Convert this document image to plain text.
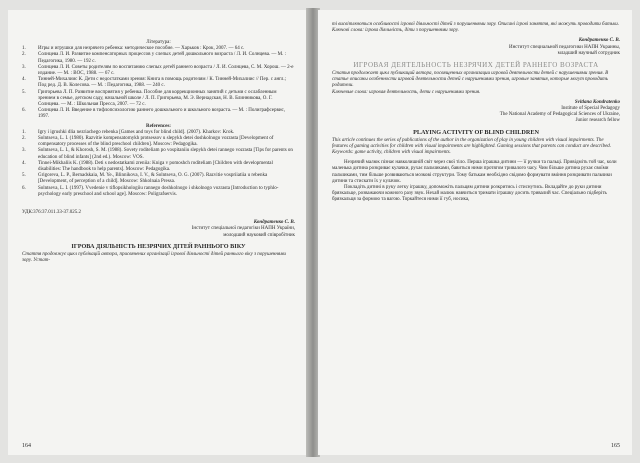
Література:

1.	Игры и игрушки для незрячего ребенка: методическое пособие. — Харьков : Крок, 2007. — 64 с.
2.	Солнцева Л. И. Развитие компенсаторных процессов у слепых детей дошкольного возраста / Л. И. Солнцева. — М. : Педагогика, 1980. — 192 с.
3.	Солнцева Л. И. Советы родителям по воспитанию слепых детей раннего возраста / Л. И. Солнцева, С. М. Хорош. — 2-е издание. — М. : ВОС, 1988. — 67 с.
4.	Тинней-Михалиис К. Дети с недостатками зрения: Книга в помощь родителям / К. Тинней-Михалиис // Пер. с англ.; Под ред. Д. В. Колесова. — М. : Педагогика, 1988. — 240 с.
5.	Григорьева Л. П. Развитие восприятия у ребенка. Пособие для коррекционных занятий с детьми с ослабленным зрением в семье, детском саду, начальной школе / Л. П. Григорьева, М. Э. Вернадская, Н. В. Блинникова, О. Г. Солнцева. — М. : Школьная Пресса, 2007. — 72 с.
6.	Солнцева Л. И. Введение в тифлопсихологию раннего дошкольного и школьного возраста. — М. : Полиграфсервис, 1997.

References:

1.	Igry i igrushki dlia nezriachego rebenka [Games and toys for blind child]. (2007). Kharkov: Krok.
2.	Solntseva, L. I. (1980). Razvitie kompensatornykh protsessov u slepykh detei doshkolnogo vozrasta [Development of compensatory processes of the blind preschool children]. Moscow: Pedagogika.
3.	Solntseva, L. I., & Khorosh, S. M. (1988). Sovety roditeliam po vospitaniiu slepykh detei rannego vozrasta [Tips for parents on education of blind infants] (2nd ed.). Moscow: VOS.
4.	Tinnei-Mikhaliis K. (1988). Deti s nedostatkami zreniia: Kniga v pomoshch roditeliam [Children with developmental disabilities: The handbook to help parents]. Moscow: Pedagogika.
5.	Grigoreva, L. P., Bernadskaia, M. Ye., Blinnikova, I. V., & Solntseva, O. G. (2007). Razvitie vospriiatiia u rebenka [Development, of perception of a child]. Moscow: Shkolnaia Pressa.
6.	Solntseva, L. I. (1997). Vvedenie v tiflopsikhologiiu rannego doshkolnogo i shkolnogo vozrasta [Introduction to typhlo-psychology early preschool and school age]. Moscow: Poligrafservis.

УДК:376:37.011.33-37.025.2

Кондратенко С. В.

Інститут спеціальної педагогіки НАПН України,

молодший науковий співробітник

ІГРОВА ДІЯЛЬНІСТЬ НЕЗРЯЧИХ ДІТЕЙ РАННЬОГО ВІКУ

Стаття продовжує цикл публікацій автора, присвячених організації ігрової діяльності дітей раннього віку з порушеннями зору. Устат-

164

ті висвітлюються особливості ігрової діяльності дітей з порушеннями зору. Описані ігрові заняття, які можуть проводити батьки.

Ключові слова: ігрова діяльність, діти з порушеннями зору.

Кондратенко С. В.

Институт специальной педагогики НАПН Украины,

младший научный сотрудник

ИГРОВАЯ ДЕЯТЕЛЬНОСТЬ НЕЗРЯЧИХ ДЕТЕЙ РАННЕГО ВОЗРАСТА

Статья продолжает цикл публикаций автора, посвященных организации игровой деятельности детей с нарушениями зрения. В статье описаны особенности игровой деятельности детей с нарушениями зрения, игровые занятия, которые могут проводить родители.

Ключевые слова: игровая деятельность, дети с нарушениями зрения.

Svitlana Kondratenko

Institute of Special Pedagogy

The National Academy of Pedagogical Sciences of Ukraine,

Junior research fellow

PLAYING ACTIVITY OF BLIND CHILDREN

This article continues the series of publications of the author in the organization of play in young children with visual impairments. The features of gaming activities for children with visual impairments are highlighted. Gaming sessions that parents can conduct are described.

Keywords: game activity, children with visual impairments.

Незрячий малюк пізнає навколишній світ через свої тіло. Перша іграшка дитини — її ручки та пальці. Привідміть той час, коли маленька дитина розкриває кулачки, рухає пальчиками, бавиться ними протягом тривалого часу. Чим більше дитина рухає своїми пальчиками, тим більше розвиваються мозкові структури. Тому батькам необхідно свідомо формувати вміння розкривати пальчики дитини та стискати їх у кулачок.

Покладіть дитині в руку легку іграшку, допоможіть пальцям дитини розкритись і стиснутись. Вкладайте до руки дитини брязкальце, розважаючи кожного разу звук. Нехай малюк навчиться тримати іграшку досить тривалий час. Спеціально підберіть брязкальця за формою та вагою. Торкайтеся ними її губ, носика,

165
